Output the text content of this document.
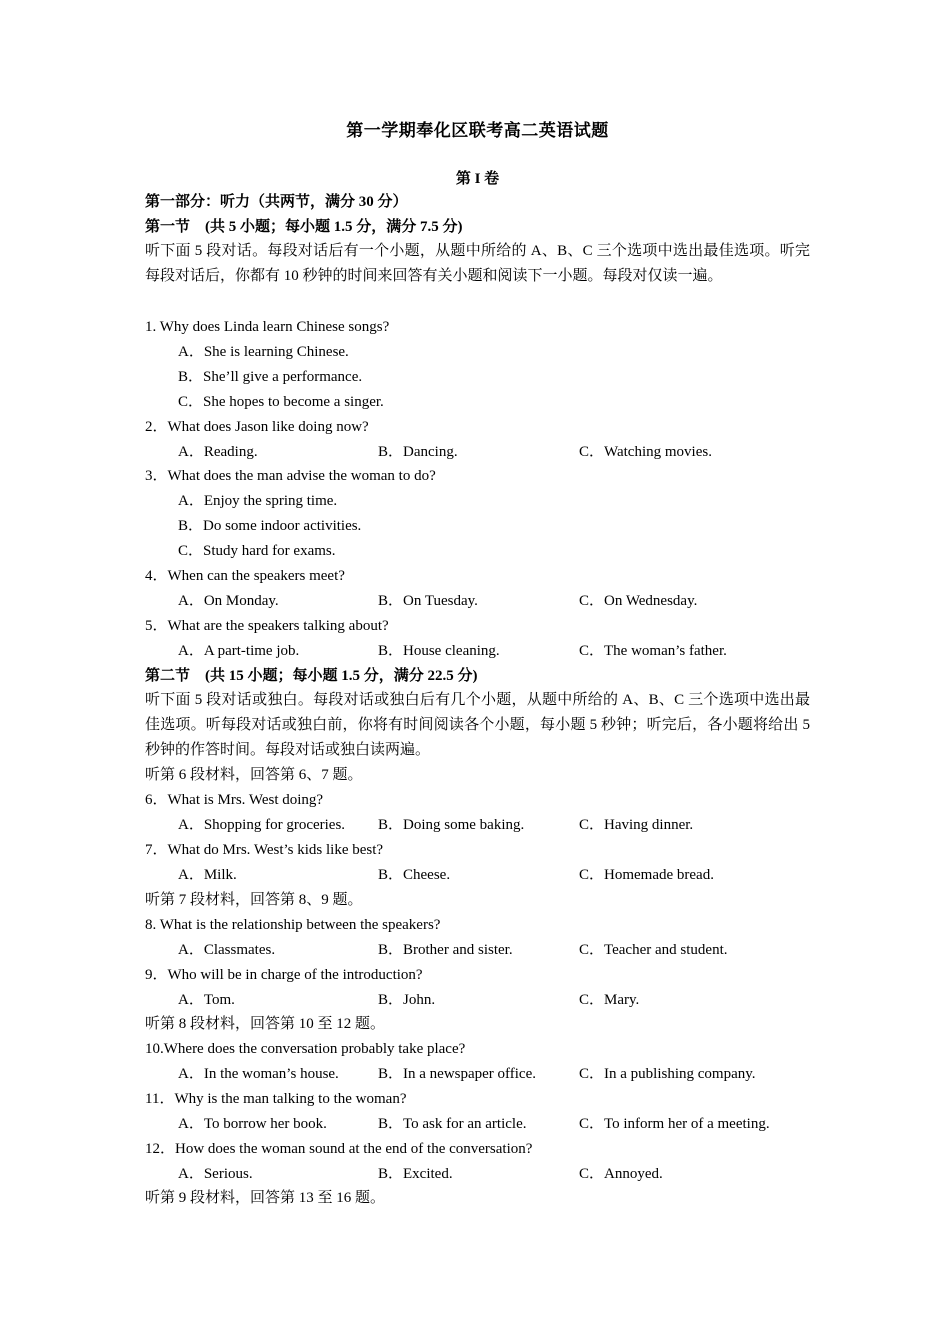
第一学期奉化区联考高二英语试题
第 I 卷
第一部分：听力（共两节，满分 30 分）
第一节　(共 5 小题；每小题 1.5 分，满分 7.5 分)
听下面 5 段对话。每段对话后有一个小题，从题中所给的 A、B、C 三个选项中选出最佳选项。听完每段对话后，你都有 10 秒钟的时间来回答有关小题和阅读下一小题。每段对仅读一遍。
1. Why does Linda learn Chinese songs?
A．She is learning Chinese.
B．She’ll give a performance.
C．She hopes to become a singer.
2．What does Jason like doing now?
A．Reading.	B．Dancing.	C．Watching movies.
3．What does the man advise the woman to do?
A．Enjoy the spring time.
B．Do some indoor activities.
C．Study hard for exams.
4．When can the speakers meet?
A．On Monday.	B．On Tuesday.	C．On Wednesday.
5．What are the speakers talking about?
A．A part-time job.	B．House cleaning.	C．The woman’s father.
第二节　(共 15 小题；每小题 1.5 分，满分 22.5 分)
听下面 5 段对话或独白。每段对话或独白后有几个小题，从题中所给的 A、B、C 三个选项中选出最佳选项。听每段对话或独白前，你将有时间阅读各个小题，每小题 5 秒钟；听完后，各小题将给出 5 秒钟的作答时间。每段对话或独白读两遍。
听第 6 段材料，回答第 6、7 题。
6．What is Mrs. West doing?
A．Shopping for groceries. B．Doing some baking.	C．Having dinner.
7．What do Mrs. West’s kids like best?
A．Milk.	B．Cheese.	C．Homemade bread.
听第 7 段材料，回答第 8、9 题。
8. What is the relationship between the speakers?
A．Classmates.	B．Brother and sister.	C．Teacher and student.
9．Who will be in charge of the introduction?
A．Tom.	B．John.	C．Mary.
听第 8 段材料，回答第 10 至 12 题。
10.Where does the conversation probably take place?
A．In the woman’s house.	B．In a newspaper office.	C．In a publishing company.
11．Why is the man talking to the woman?
A．To borrow her book.	B．To ask for an article.	C．To inform her of a meeting.
12．How does the woman sound at the end of the conversation?
A．Serious.	B．Excited.	C．Annoyed.
听第 9 段材料，回答第 13 至 16 题。
